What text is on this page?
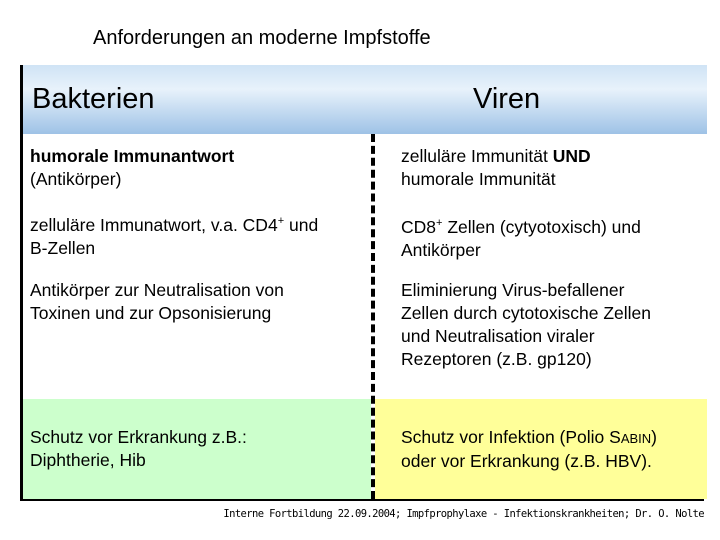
Anforderungen an moderne Impfstoffe
Bakterien	Viren
humorale Immunantwort
(Antikörper)
zelluläre Immunität UND
humorale Immunität
zelluläre Immunatwort, v.a. CD4+ und
B-Zellen
CD8+ Zellen (cytyotoxisch) und
Antikörper
Antikörper zur Neutralisation von
Toxinen und zur Opsonisierung
Eliminierung Virus-befallener
Zellen durch cytotoxische Zellen
und Neutralisation viraler
Rezeptoren (z.B. gp120)
Schutz vor Erkrankung z.B.:
Diphtherie, Hib
Schutz vor Infektion (Polio SABIN)
oder vor Erkrankung (z.B. HBV).
Interne Fortbildung 22.09.2004; Impfprophylaxe - Infektionskrankheiten; Dr. O. Nolte
